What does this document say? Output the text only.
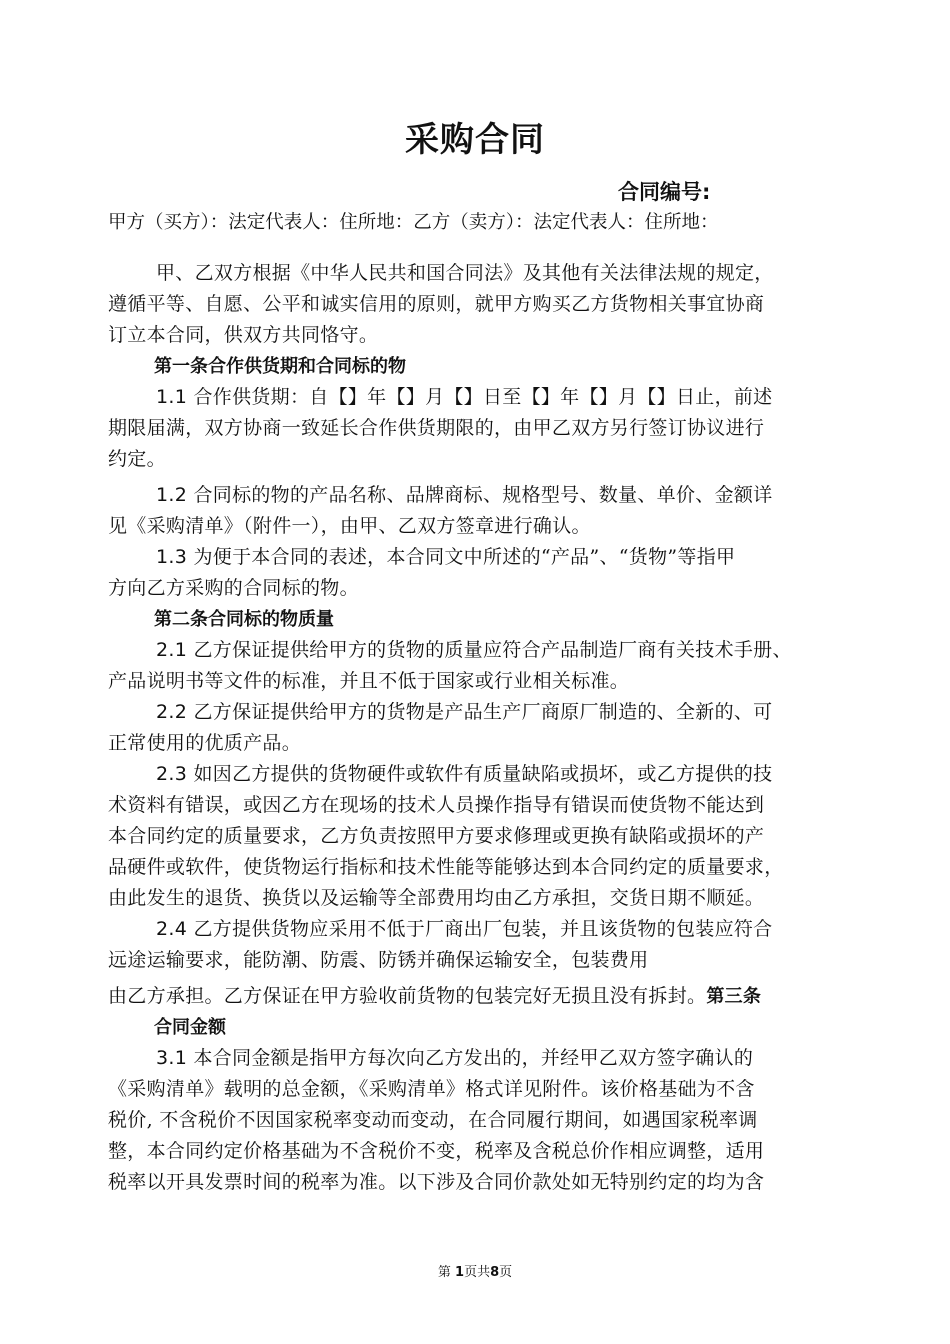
采购合同
合同编号:
甲方（买方）：法定代表人：住所地：乙方（卖方）：法定代表人：住所地：
甲、乙双方根据《中华人民共和国合同法》及其他有关法律法规的规定，
遵循平等、自愿、公平和诚实信用的原则，就甲方购买乙方货物相关事宜协商
订立本合同，供双方共同恪守。
第一条合作供货期和合同标的物
1.1 合作供货期：自【】年【】月【】日至【】年【】月【】日止，前述
期限届满，双方协商一致延长合作供货期限的，由甲乙双方另行签订协议进行
约定。
1.2 合同标的物的产品名称、品牌商标、规格型号、数量、单价、金额详
见《采购清单》（附件一），由甲、乙双方签章进行确认。
1.3 为便于本合同的表述，本合同文中所述的“产品”、“货物”等指甲
方向乙方采购的合同标的物。
第二条合同标的物质量
2.1 乙方保证提供给甲方的货物的质量应符合产品制造厂商有关技术手册、
产品说明书等文件的标准，并且不低于国家或行业相关标准。
2.2 乙方保证提供给甲方的货物是产品生产厂商原厂制造的、全新的、可
正常使用的优质产品。
2.3 如因乙方提供的货物硬件或软件有质量缺陷或损坏，或乙方提供的技
术资料有错误，或因乙方在现场的技术人员操作指导有错误而使货物不能达到
本合同约定的质量要求，乙方负责按照甲方要求修理或更换有缺陷或损坏的产
品硬件或软件，使货物运行指标和技术性能等能够达到本合同约定的质量要求，
由此发生的退货、换货以及运输等全部费用均由乙方承担，交货日期不顺延。
2.4 乙方提供货物应采用不低于厂商出厂包装，并且该货物的包装应符合
远途运输要求，能防潮、防震、防锈并确保运输安全，包装费用
由乙方承担。乙方保证在甲方验收前货物的包装完好无损且没有拆封。第三条
合同金额
3.1 本合同金额是指甲方每次向乙方发出的，并经甲乙双方签字确认的
《采购清单》载明的总金额，《采购清单》格式详见附件。该价格基础为不含
税价, 不含税价不因国家税率变动而变动，在合同履行期间，如遇国家税率调
整，本合同约定价格基础为不含税价不变，税率及含税总价作相应调整，适用
税率以开具发票时间的税率为准。以下涉及合同价款处如无特别约定的均为含
第 1页共8页
